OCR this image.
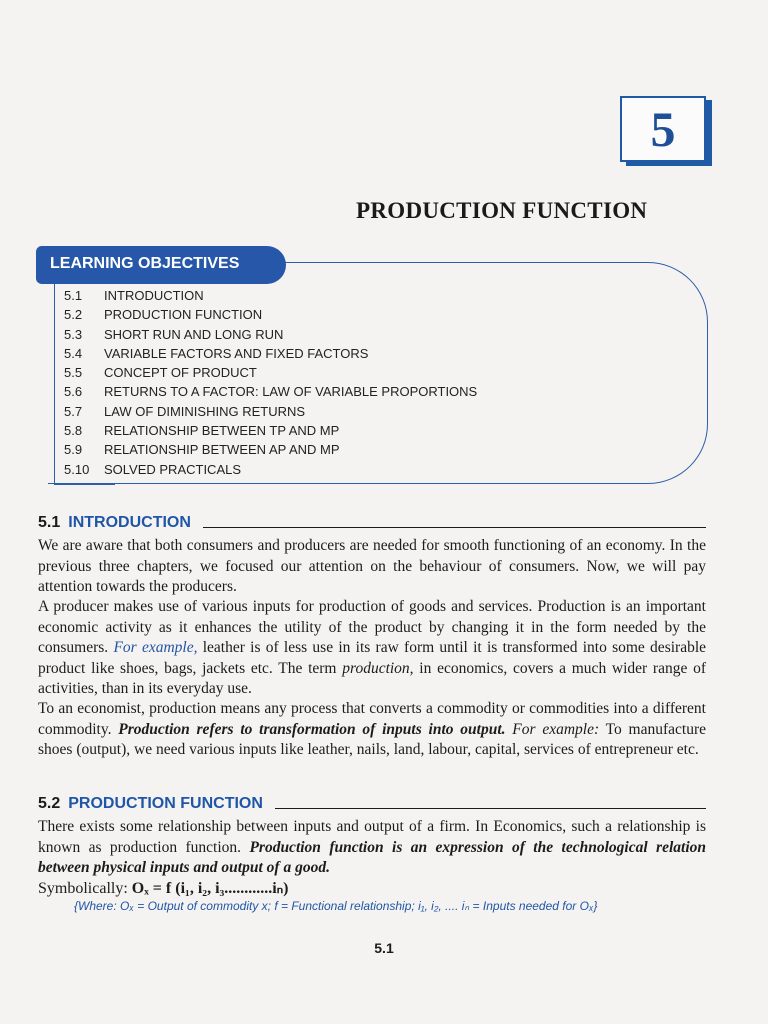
5
PRODUCTION FUNCTION
LEARNING OBJECTIVES
5.1 INTRODUCTION
5.2 PRODUCTION FUNCTION
5.3 SHORT RUN AND LONG RUN
5.4 VARIABLE FACTORS AND FIXED FACTORS
5.5 CONCEPT OF PRODUCT
5.6 RETURNS TO A FACTOR: LAW OF VARIABLE PROPORTIONS
5.7 LAW OF DIMINISHING RETURNS
5.8 RELATIONSHIP BETWEEN TP AND MP
5.9 RELATIONSHIP BETWEEN AP AND MP
5.10 SOLVED PRACTICALS
5.1 INTRODUCTION
We are aware that both consumers and producers are needed for smooth functioning of an economy. In the previous three chapters, we focused our attention on the behaviour of consumers. Now, we will pay attention towards the producers.
A producer makes use of various inputs for production of goods and services. Production is an important economic activity as it enhances the utility of the product by changing it in the form needed by the consumers. For example, leather is of less use in its raw form until it is transformed into some desirable product like shoes, bags, jackets etc. The term production, in economics, covers a much wider range of activities, than in its everyday use.
To an economist, production means any process that converts a commodity or commodities into a different commodity. Production refers to transformation of inputs into output. For example: To manufacture shoes (output), we need various inputs like leather, nails, land, labour, capital, services of entrepreneur etc.
5.2 PRODUCTION FUNCTION
There exists some relationship between inputs and output of a firm. In Economics, such a relationship is known as production function. Production function is an expression of the technological relation between physical inputs and output of a good.
Symbolically: Oₓ = f (i₁, i₂, i₃............iₙ)
{Where: Oₓ = Output of commodity x; f = Functional relationship; i₁, i₂, .... iₙ = Inputs needed for Oₓ}
5.1
